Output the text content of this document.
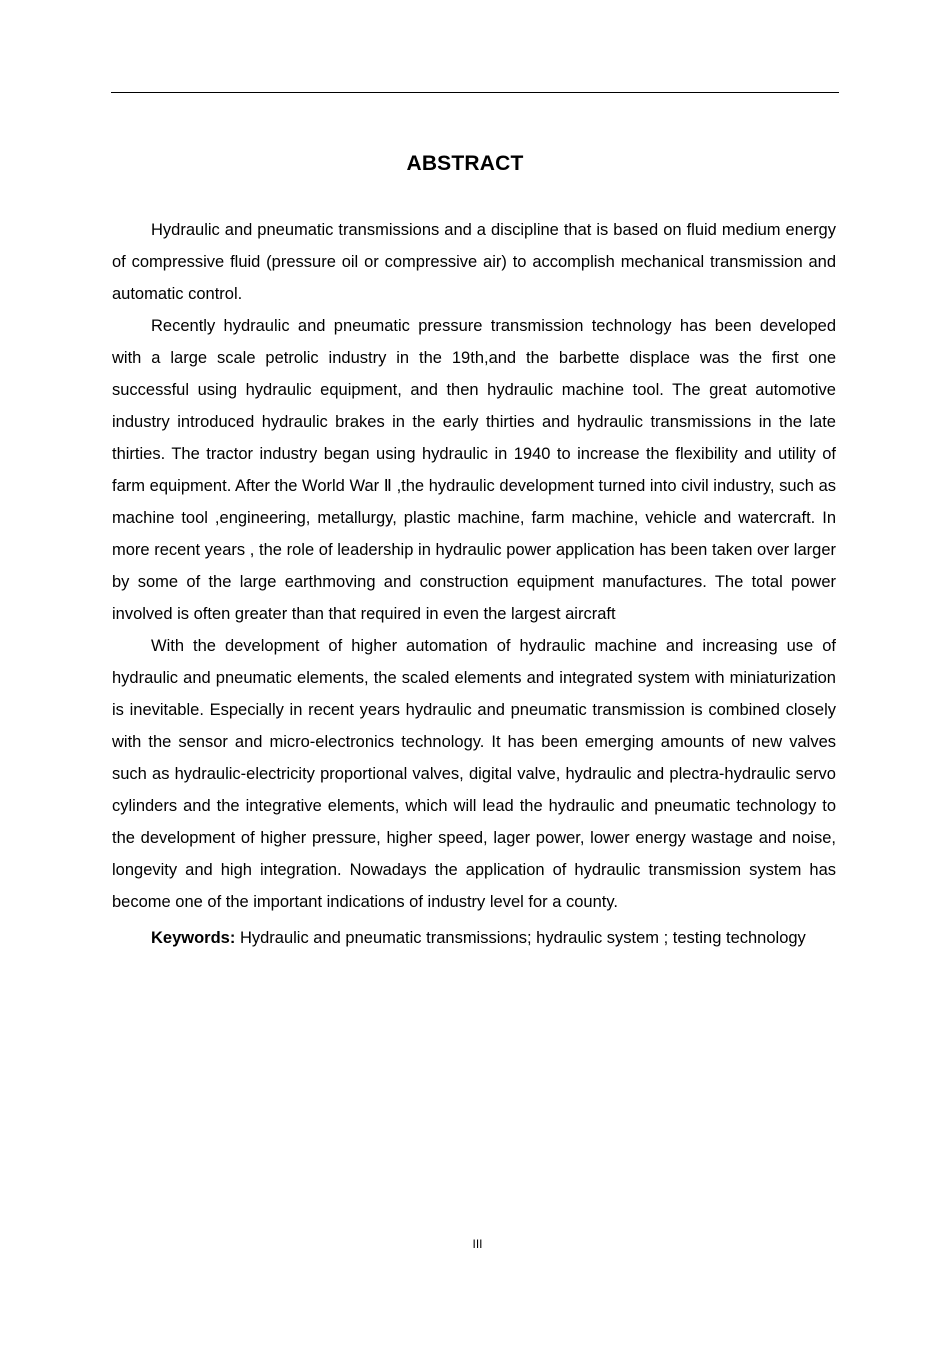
ABSTRACT

Hydraulic and pneumatic transmissions and a discipline that is based on fluid medium energy of compressive fluid (pressure oil or compressive air) to accomplish mechanical transmission and automatic control.

Recently hydraulic and pneumatic pressure transmission technology has been developed with a large scale petrolic industry in the 19th,and the barbette displace was the first one successful using hydraulic equipment, and then hydraulic machine tool. The great automotive industry introduced hydraulic brakes in the early thirties and hydraulic transmissions in the late thirties. The tractor industry began using hydraulic in 1940 to increase the flexibility and utility of farm equipment. After the World War Ⅱ ,the hydraulic development turned into civil industry, such as machine tool ,engineering, metallurgy, plastic machine, farm machine, vehicle and watercraft. In more recent years , the role of leadership in hydraulic power application has been taken over larger by some of the large earthmoving and construction equipment manufactures. The total power involved is often greater than that required in even the largest aircraft

With the development of higher automation of hydraulic machine and increasing use of hydraulic and pneumatic elements, the scaled elements and integrated system with miniaturization is inevitable. Especially in recent years hydraulic and pneumatic transmission is combined closely with the sensor and micro-electronics technology. It has been emerging amounts of new valves such as hydraulic-electricity proportional valves, digital valve, hydraulic and plectra-hydraulic servo cylinders and the integrative elements, which will lead the hydraulic and pneumatic technology to the development of higher pressure, higher speed, lager power, lower energy wastage and noise, longevity and high integration. Nowadays the application of hydraulic transmission system has become one of the important indications of industry level for a county.

Keywords: Hydraulic and pneumatic transmissions; hydraulic system ; testing technology

III
